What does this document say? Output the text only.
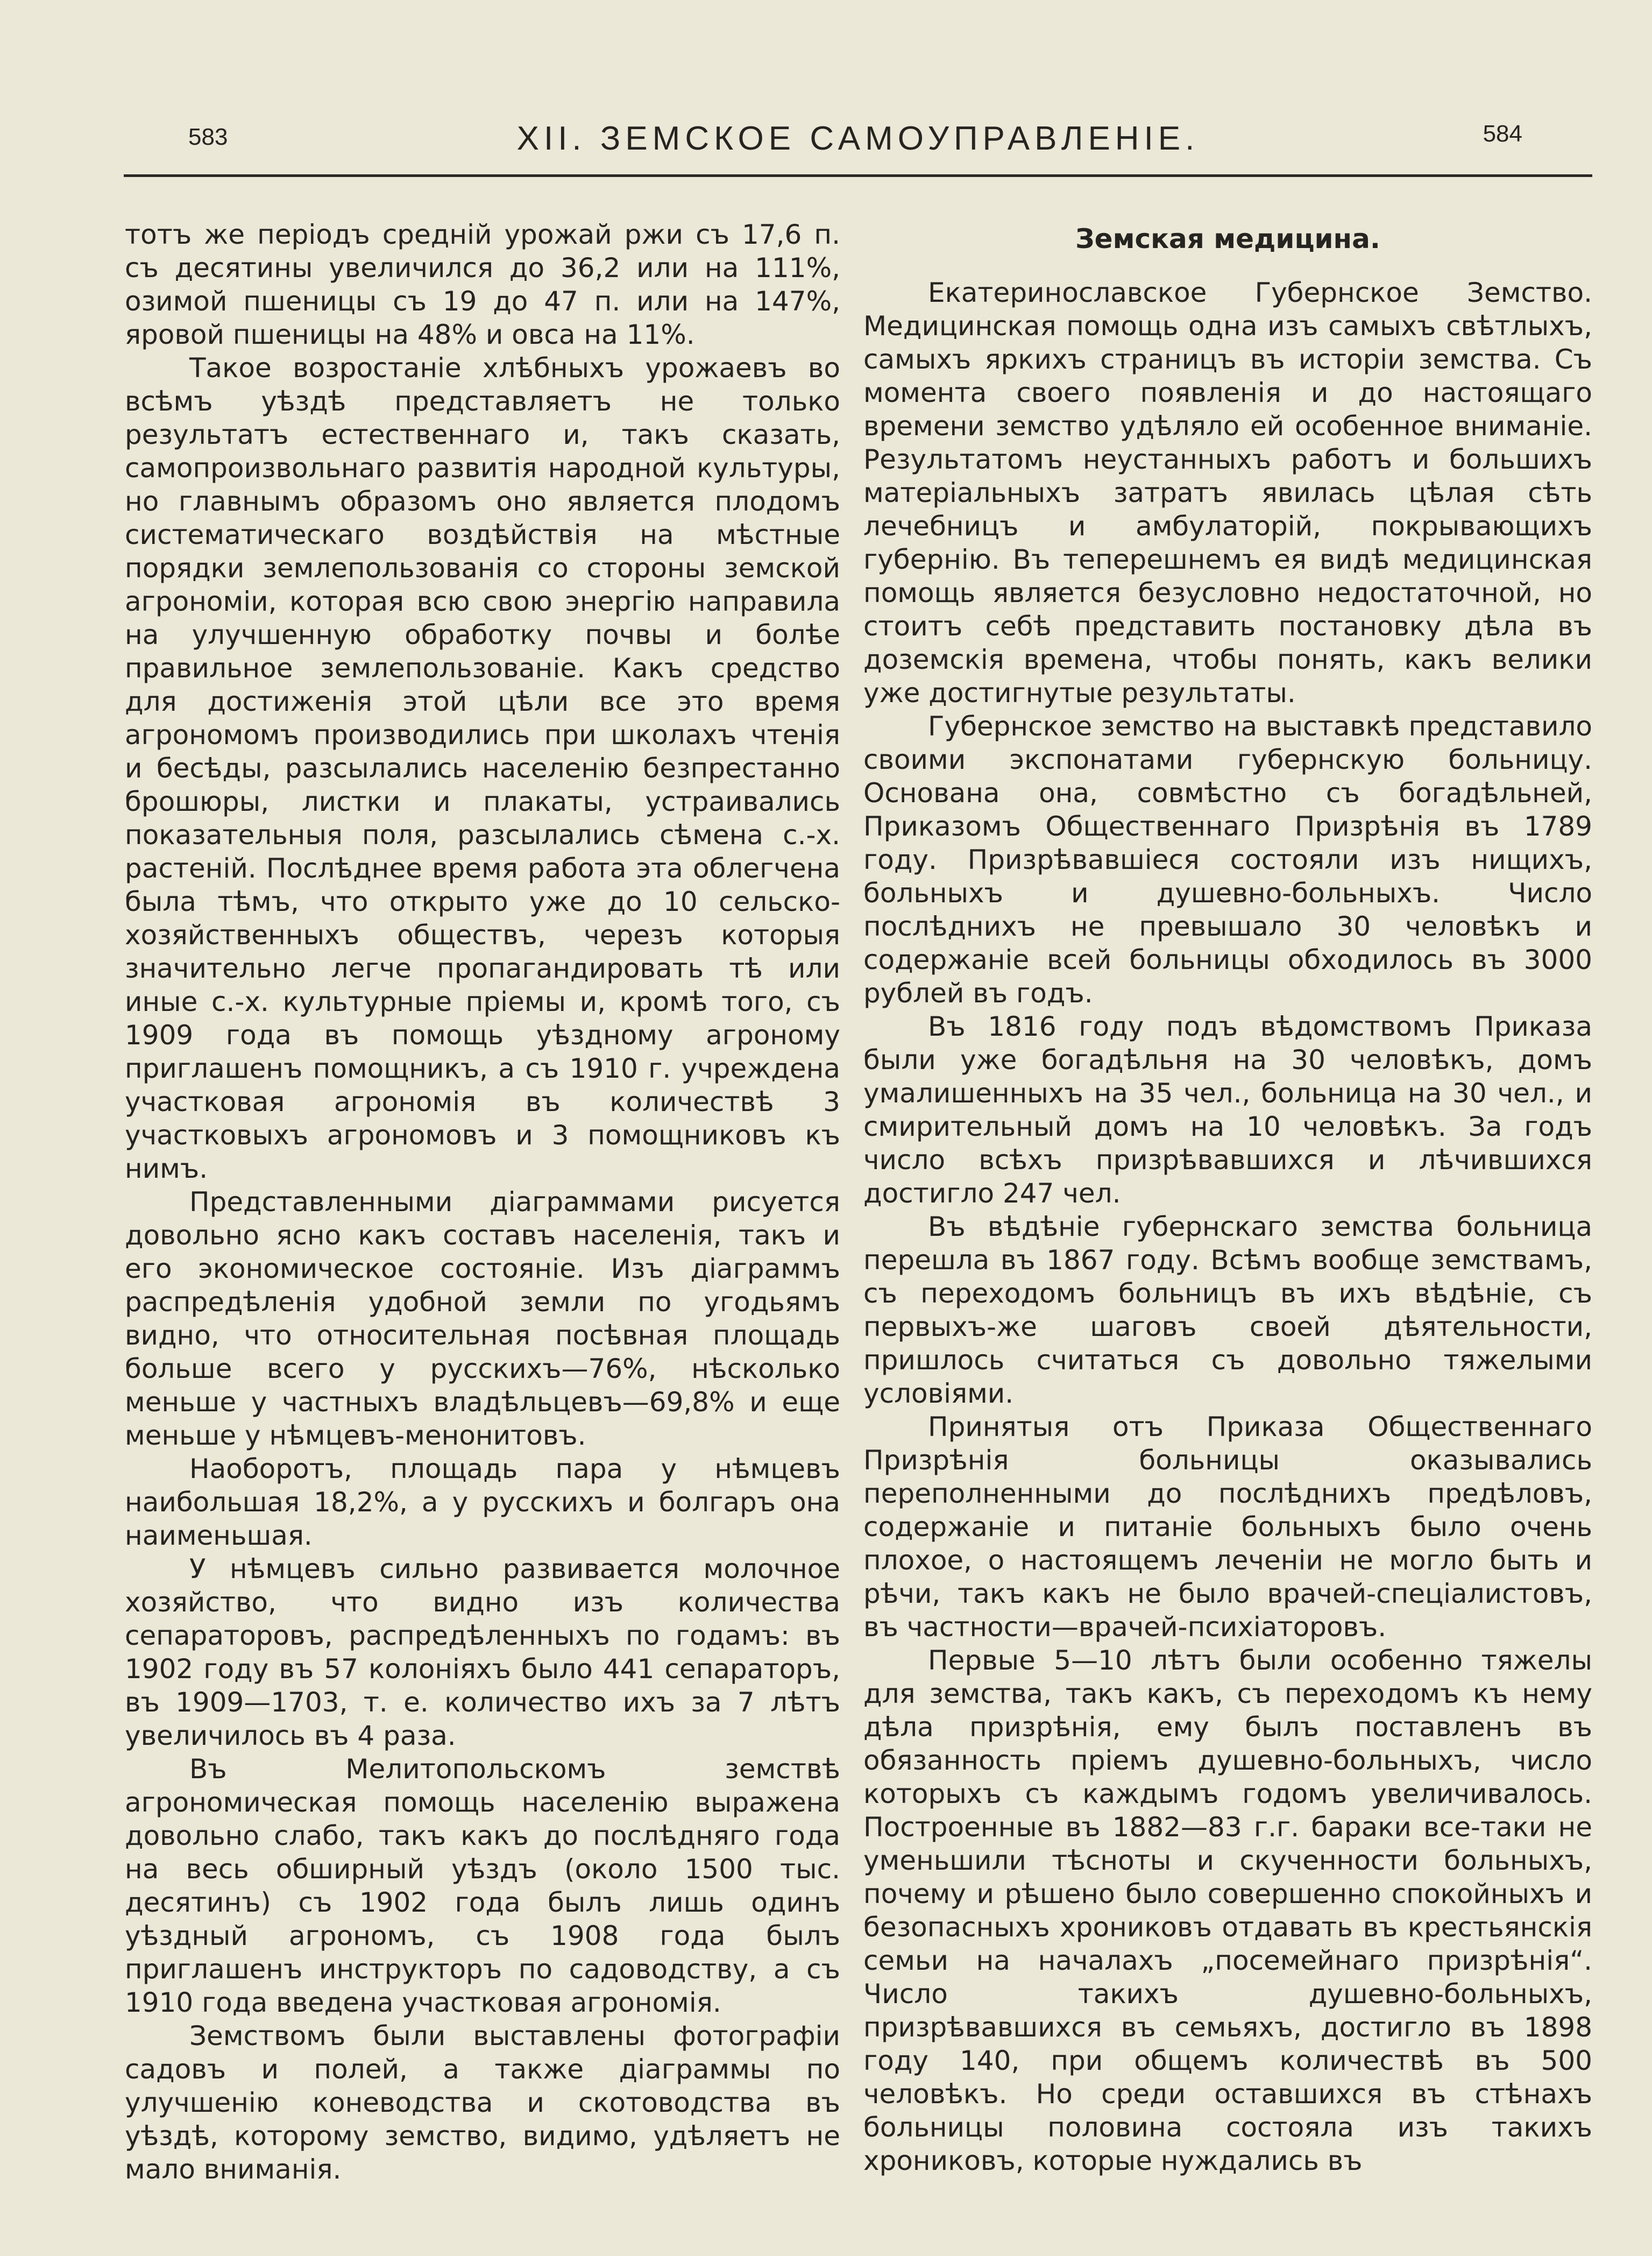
583	XII. ЗЕМСКОЕ САМОУПРАВЛЕНІЕ.	584

тотъ же періодъ средній урожай ржи съ 17,6 п. съ десятины увеличился до 36,2 или на 111%, озимой пшеницы съ 19 до 47 п. или на 147%, яровой пшеницы на 48% и овса на 11%.

Такое возростаніе хлѣбныхъ урожаевъ во всѣмъ уѣздѣ представляетъ не только результатъ естественнаго и, такъ сказать, самопроизвольнаго развитія народной культуры, но главнымъ образомъ оно является плодомъ систематическаго воздѣйствія на мѣстные порядки землепользованія со стороны земской агрономіи, которая всю свою энергію направила на улучшенную обработку почвы и болѣе правильное землепользованіе. Какъ средство для достиженія этой цѣли все это время агрономомъ производились при школахъ чтенія и бесѣды, разсылались населенію безпрестанно брошюры, листки и плакаты, устраивались показательныя поля, разсылались сѣмена с.-х. растеній. Послѣднее время работа эта облегчена была тѣмъ, что открыто уже до 10 сельско-хозяйственныхъ обществъ, черезъ которыя значительно легче пропагандировать тѣ или иные с.-х. культурные пріемы и, кромѣ того, съ 1909 года въ помощь уѣздному агроному приглашенъ помощникъ, а съ 1910 г. учреждена участковая агрономія въ количествѣ 3 участковыхъ агрономовъ и 3 помощниковъ къ нимъ.

Представленными діаграммами рисуется довольно ясно какъ составъ населенія, такъ и его экономическое состояніе. Изъ діаграммъ распредѣленія удобной земли по угодьямъ видно, что относительная посѣвная площадь больше всего у русскихъ—76%, нѣсколько меньше у частныхъ владѣльцевъ—69,8% и еще меньше у нѣмцевъ-менонитовъ.

Наоборотъ, площадь пара у нѣмцевъ наибольшая 18,2%, а у русскихъ и болгаръ она наименьшая.

У нѣмцевъ сильно развивается молочное хозяйство, что видно изъ количества сепараторовъ, распредѣленныхъ по годамъ: въ 1902 году въ 57 колоніяхъ было 441 сепараторъ, въ 1909—1703, т. е. количество ихъ за 7 лѣтъ увеличилось въ 4 раза.

Въ Мелитопольскомъ земствѣ агрономическая помощь населенію выражена довольно слабо, такъ какъ до послѣдняго года на весь обширный уѣздъ (около 1500 тыс. десятинъ) съ 1902 года былъ лишь одинъ уѣздный агрономъ, съ 1908 года былъ приглашенъ инструкторъ по садоводству, а съ 1910 года введена участковая агрономія.

Земствомъ были выставлены фотографіи садовъ и полей, а также діаграммы по улучшенію коневодства и скотоводства въ уѣздѣ, которому земство, видимо, удѣляетъ не мало вниманія.

Земская медицина.

Екатеринославское Губернское Земство. Медицинская помощь одна изъ самыхъ свѣтлыхъ, самыхъ яркихъ страницъ въ исторіи земства. Съ момента своего появленія и до настоящаго времени земство удѣляло ей особенное вниманіе. Результатомъ неустанныхъ работъ и большихъ матеріальныхъ затратъ явилась цѣлая сѣть лечебницъ и амбулаторій, покрывающихъ губернію. Въ теперешнемъ ея видѣ медицинская помощь является безусловно недостаточной, но стоитъ себѣ представить постановку дѣла въ доземскія времена, чтобы понять, какъ велики уже достигнутые результаты.

Губернское земство на выставкѣ представило своими экспонатами губернскую больницу. Основана она, совмѣстно съ богадѣльней, Приказомъ Общественнаго Призрѣнія въ 1789 году. Призрѣвавшіеся состояли изъ нищихъ, больныхъ и душевно-больныхъ. Число послѣднихъ не превышало 30 человѣкъ и содержаніе всей больницы обходилось въ 3000 рублей въ годъ.

Въ 1816 году подъ вѣдомствомъ Приказа были уже богадѣльня на 30 человѣкъ, домъ умалишенныхъ на 35 чел., больница на 30 чел., и смирительный домъ на 10 человѣкъ. За годъ число всѣхъ призрѣвавшихся и лѣчившихся достигло 247 чел.

Въ вѣдѣніе губернскаго земства больница перешла въ 1867 году. Всѣмъ вообще земствамъ, съ переходомъ больницъ въ ихъ вѣдѣніе, съ первыхъ-же шаговъ своей дѣятельности, пришлось считаться съ довольно тяжелыми условіями.

Принятыя отъ Приказа Общественнаго Призрѣнія больницы оказывались переполненными до послѣднихъ предѣловъ, содержаніе и питаніе больныхъ было очень плохое, о настоящемъ леченіи не могло быть и рѣчи, такъ какъ не было врачей-спеціалистовъ, въ частности—врачей-психіаторовъ.

Первые 5—10 лѣтъ были особенно тяжелы для земства, такъ какъ, съ переходомъ къ нему дѣла призрѣнія, ему былъ поставленъ въ обязанность пріемъ душевно-больныхъ, число которыхъ съ каждымъ годомъ увеличивалось. Построенные въ 1882—83 г.г. бараки все-таки не уменьшили тѣсноты и скученности больныхъ, почему и рѣшено было совершенно спокойныхъ и безопасныхъ хрониковъ отдавать въ крестьянскія семьи на началахъ „посемейнаго призрѣнія“. Число такихъ душевно-больныхъ, призрѣвавшихся въ семьяхъ, достигло въ 1898 году 140, при общемъ количествѣ въ 500 человѣкъ. Но среди оставшихся въ стѣнахъ больницы половина состояла изъ такихъ хрониковъ, которые нуждались въ
